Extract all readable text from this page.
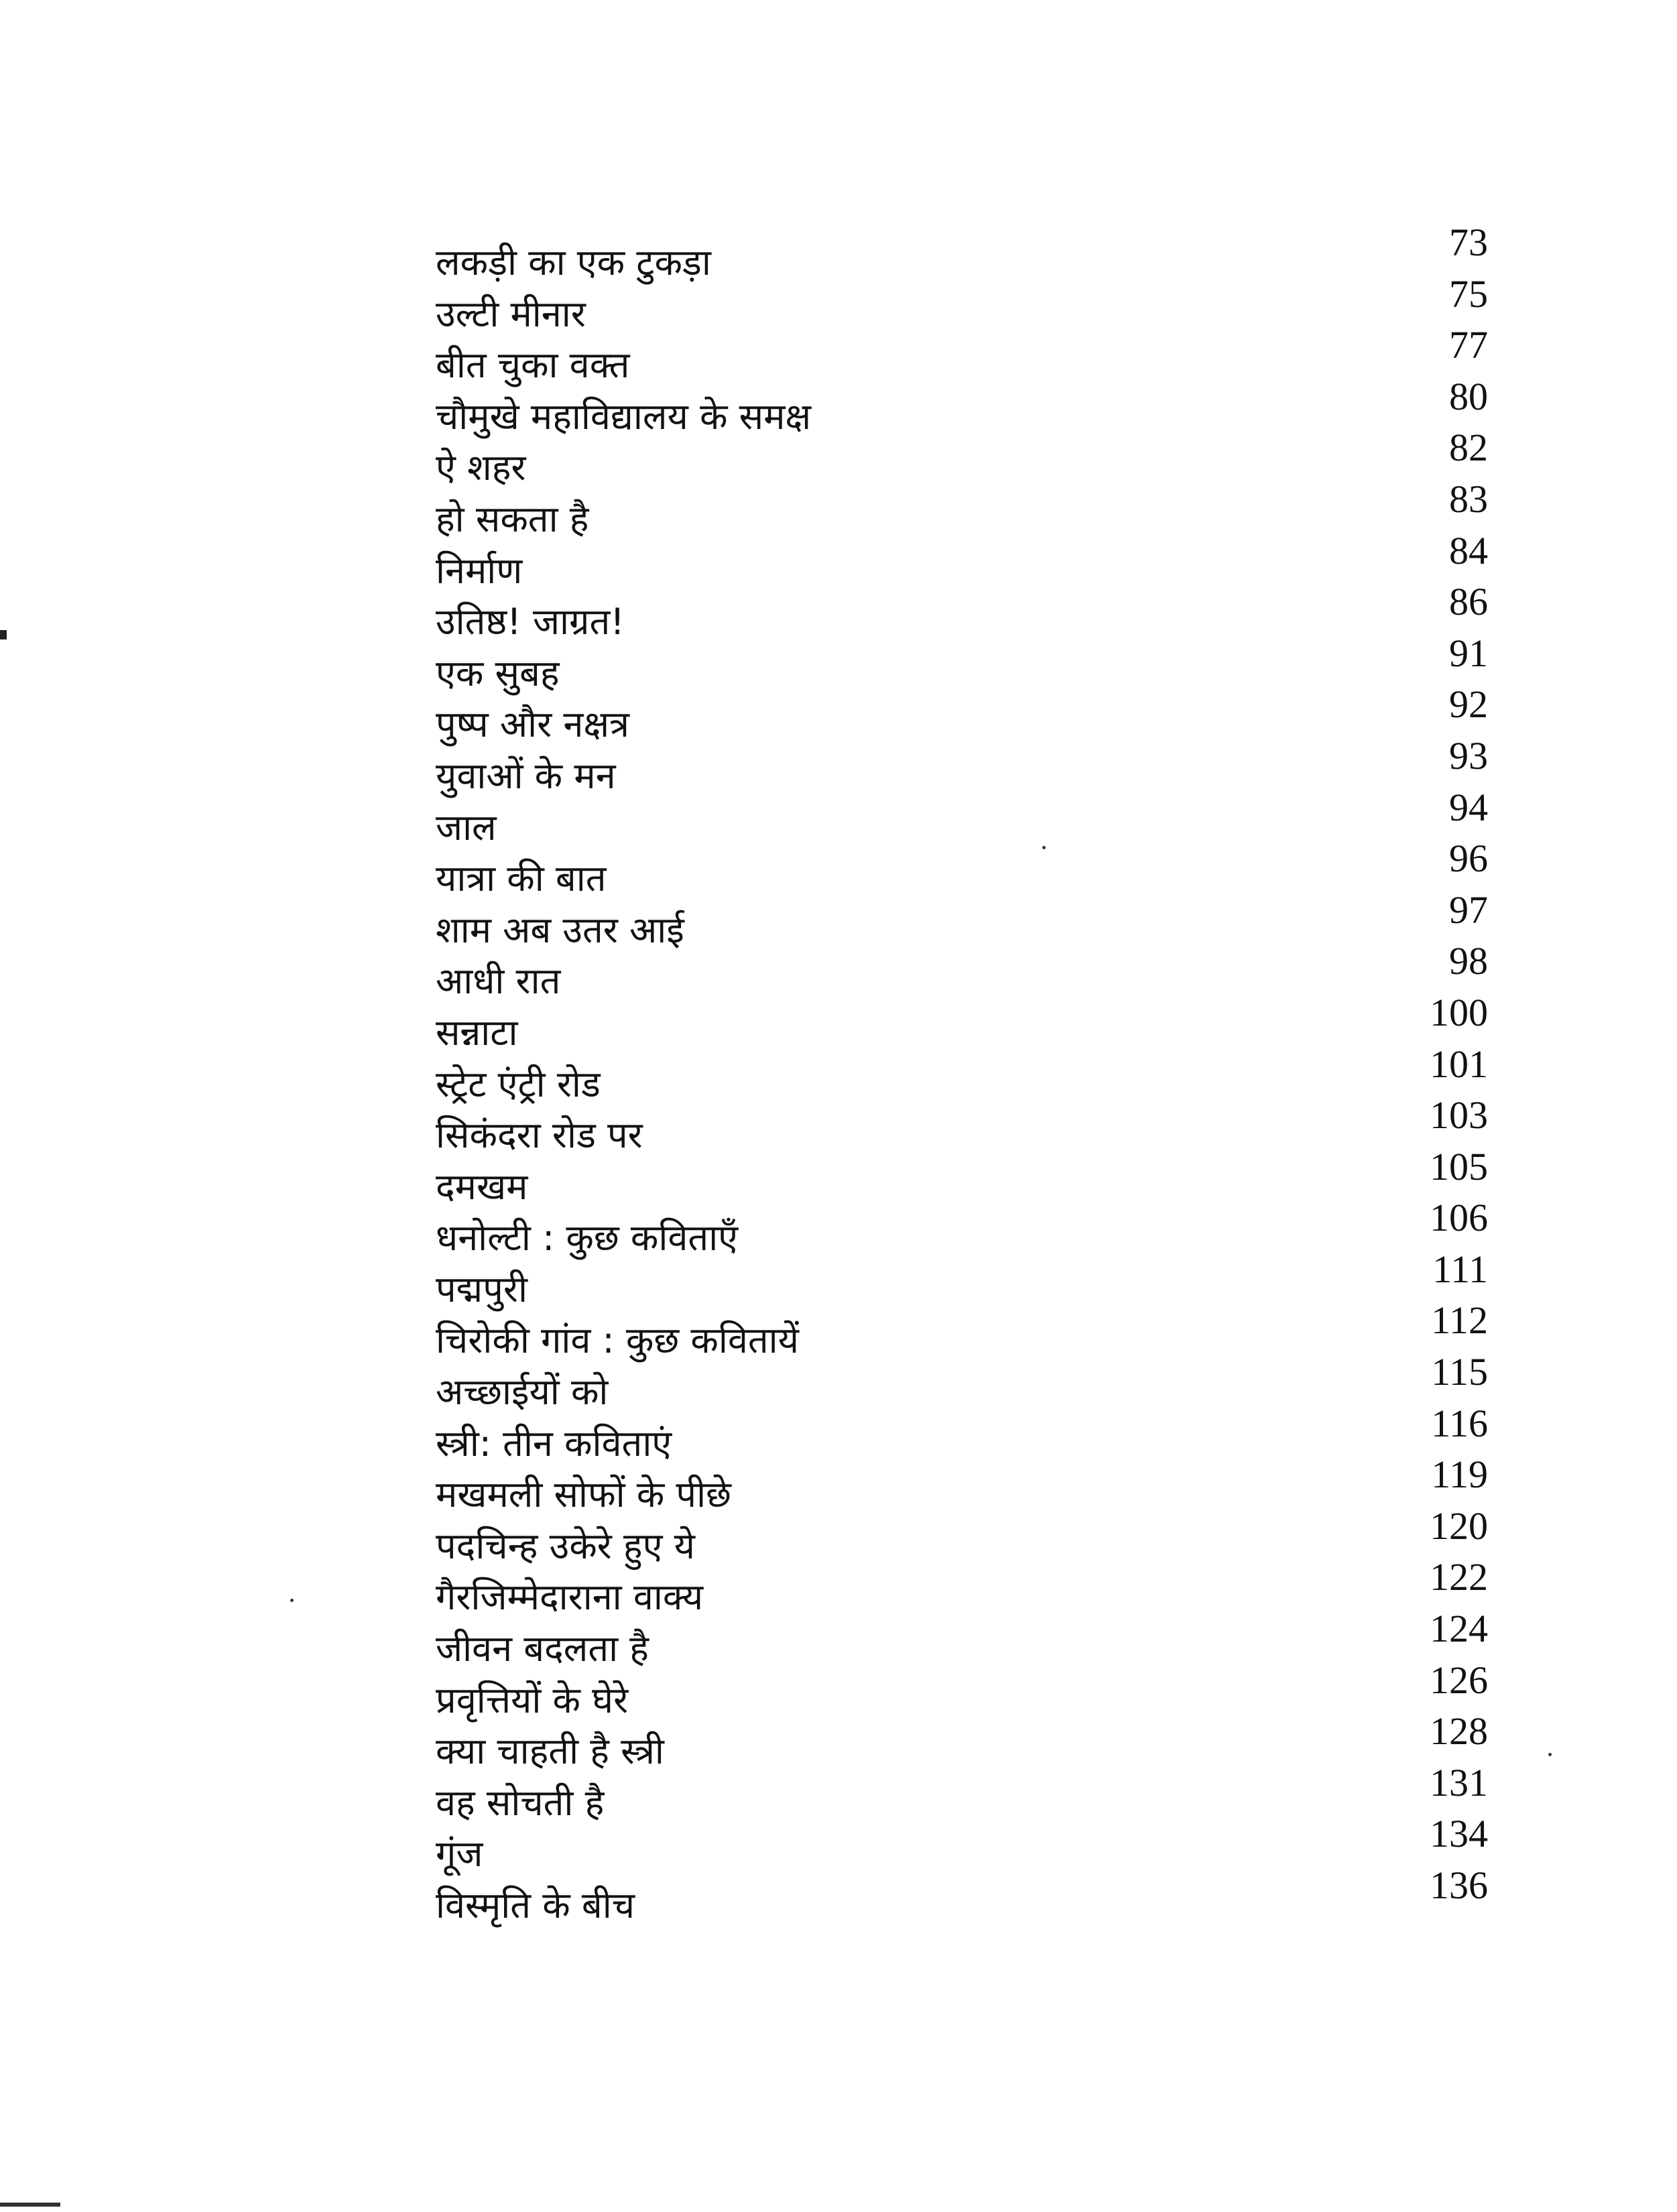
लकड़ी का एक टुकड़ा	73
उल्टी मीनार	75
बीत चुका वक्त	77
चौमुखे महाविद्यालय के समक्ष	80
ऐ शहर	82
हो सकता है	83
निर्माण	84
उतिष्ठ! जाग्रत!	86
एक सुबह	91
पुष्प और नक्षत्र	92
युवाओं के मन	93
जाल	94
यात्रा की बात	96
शाम अब उतर आई	97
आधी रात	98
सन्नाटा	100
स्ट्रेट एंट्री रोड	101
सिकंदरा रोड पर	103
दमखम	105
धनोल्टी : कुछ कविताएँ	106
पद्मपुरी	111
चिरोकी गांव : कुछ कवितायें	112
अच्छाईयों को	115
स्त्री: तीन कविताएं	116
मखमली सोफों के पीछे	119
पदचिन्ह उकेरे हुए ये	120
गैरजिम्मेदाराना वाक्य	122
जीवन बदलता है	124
प्रवृत्तियों के घेरे	126
क्या चाहती है स्त्री	128
वह सोचती है	131
गूंज	134
विस्मृति के बीच	136
